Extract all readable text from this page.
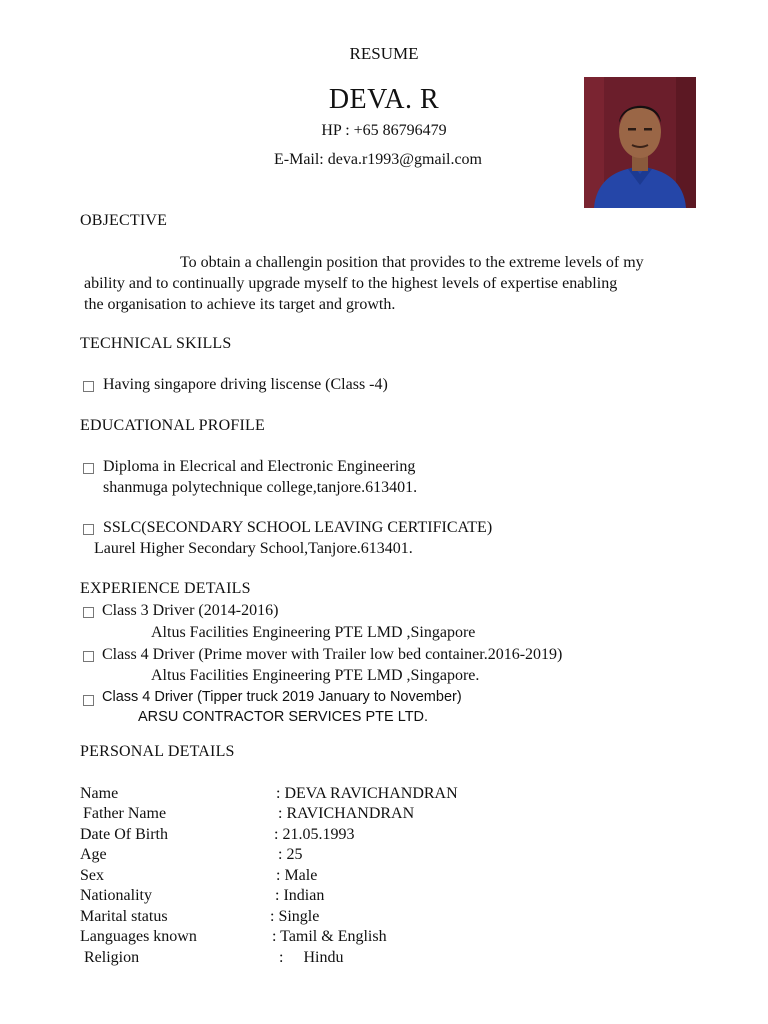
RESUME
DEVA. R
HP : +65 86796479
E-Mail: deva.r1993@gmail.com
OBJECTIVE
To obtain a challengin position that provides to the extreme levels of my
ability and to continually upgrade myself to the highest levels of expertise enabling
the organisation to achieve its target and growth.
TECHNICAL SKILLS
Having singapore driving liscense (Class -4)
EDUCATIONAL PROFILE
Diploma in Elecrical and Electronic Engineering
shanmuga polytechnique college,tanjore.613401.
SSLC(SECONDARY SCHOOL LEAVING CERTIFICATE)
Laurel Higher Secondary School,Tanjore.613401.
EXPERIENCE DETAILS
Class 3 Driver (2014-2016)
Altus Facilities Engineering PTE LMD ,Singapore
Class 4 Driver (Prime mover with Trailer low bed container.2016-2019)
Altus Facilities Engineering PTE LMD ,Singapore.
Class 4 Driver (Tipper truck 2019 January to November)
ARSU CONTRACTOR SERVICES PTE LTD.
PERSONAL DETAILS
Name	: DEVA RAVICHANDRAN
Father Name	: RAVICHANDRAN
Date Of Birth	: 21.05.1993
Age	: 25
Sex	: Male
Nationality	: Indian
Marital status	: Single
Languages known	: Tamil & English
Religion	:     Hindu
